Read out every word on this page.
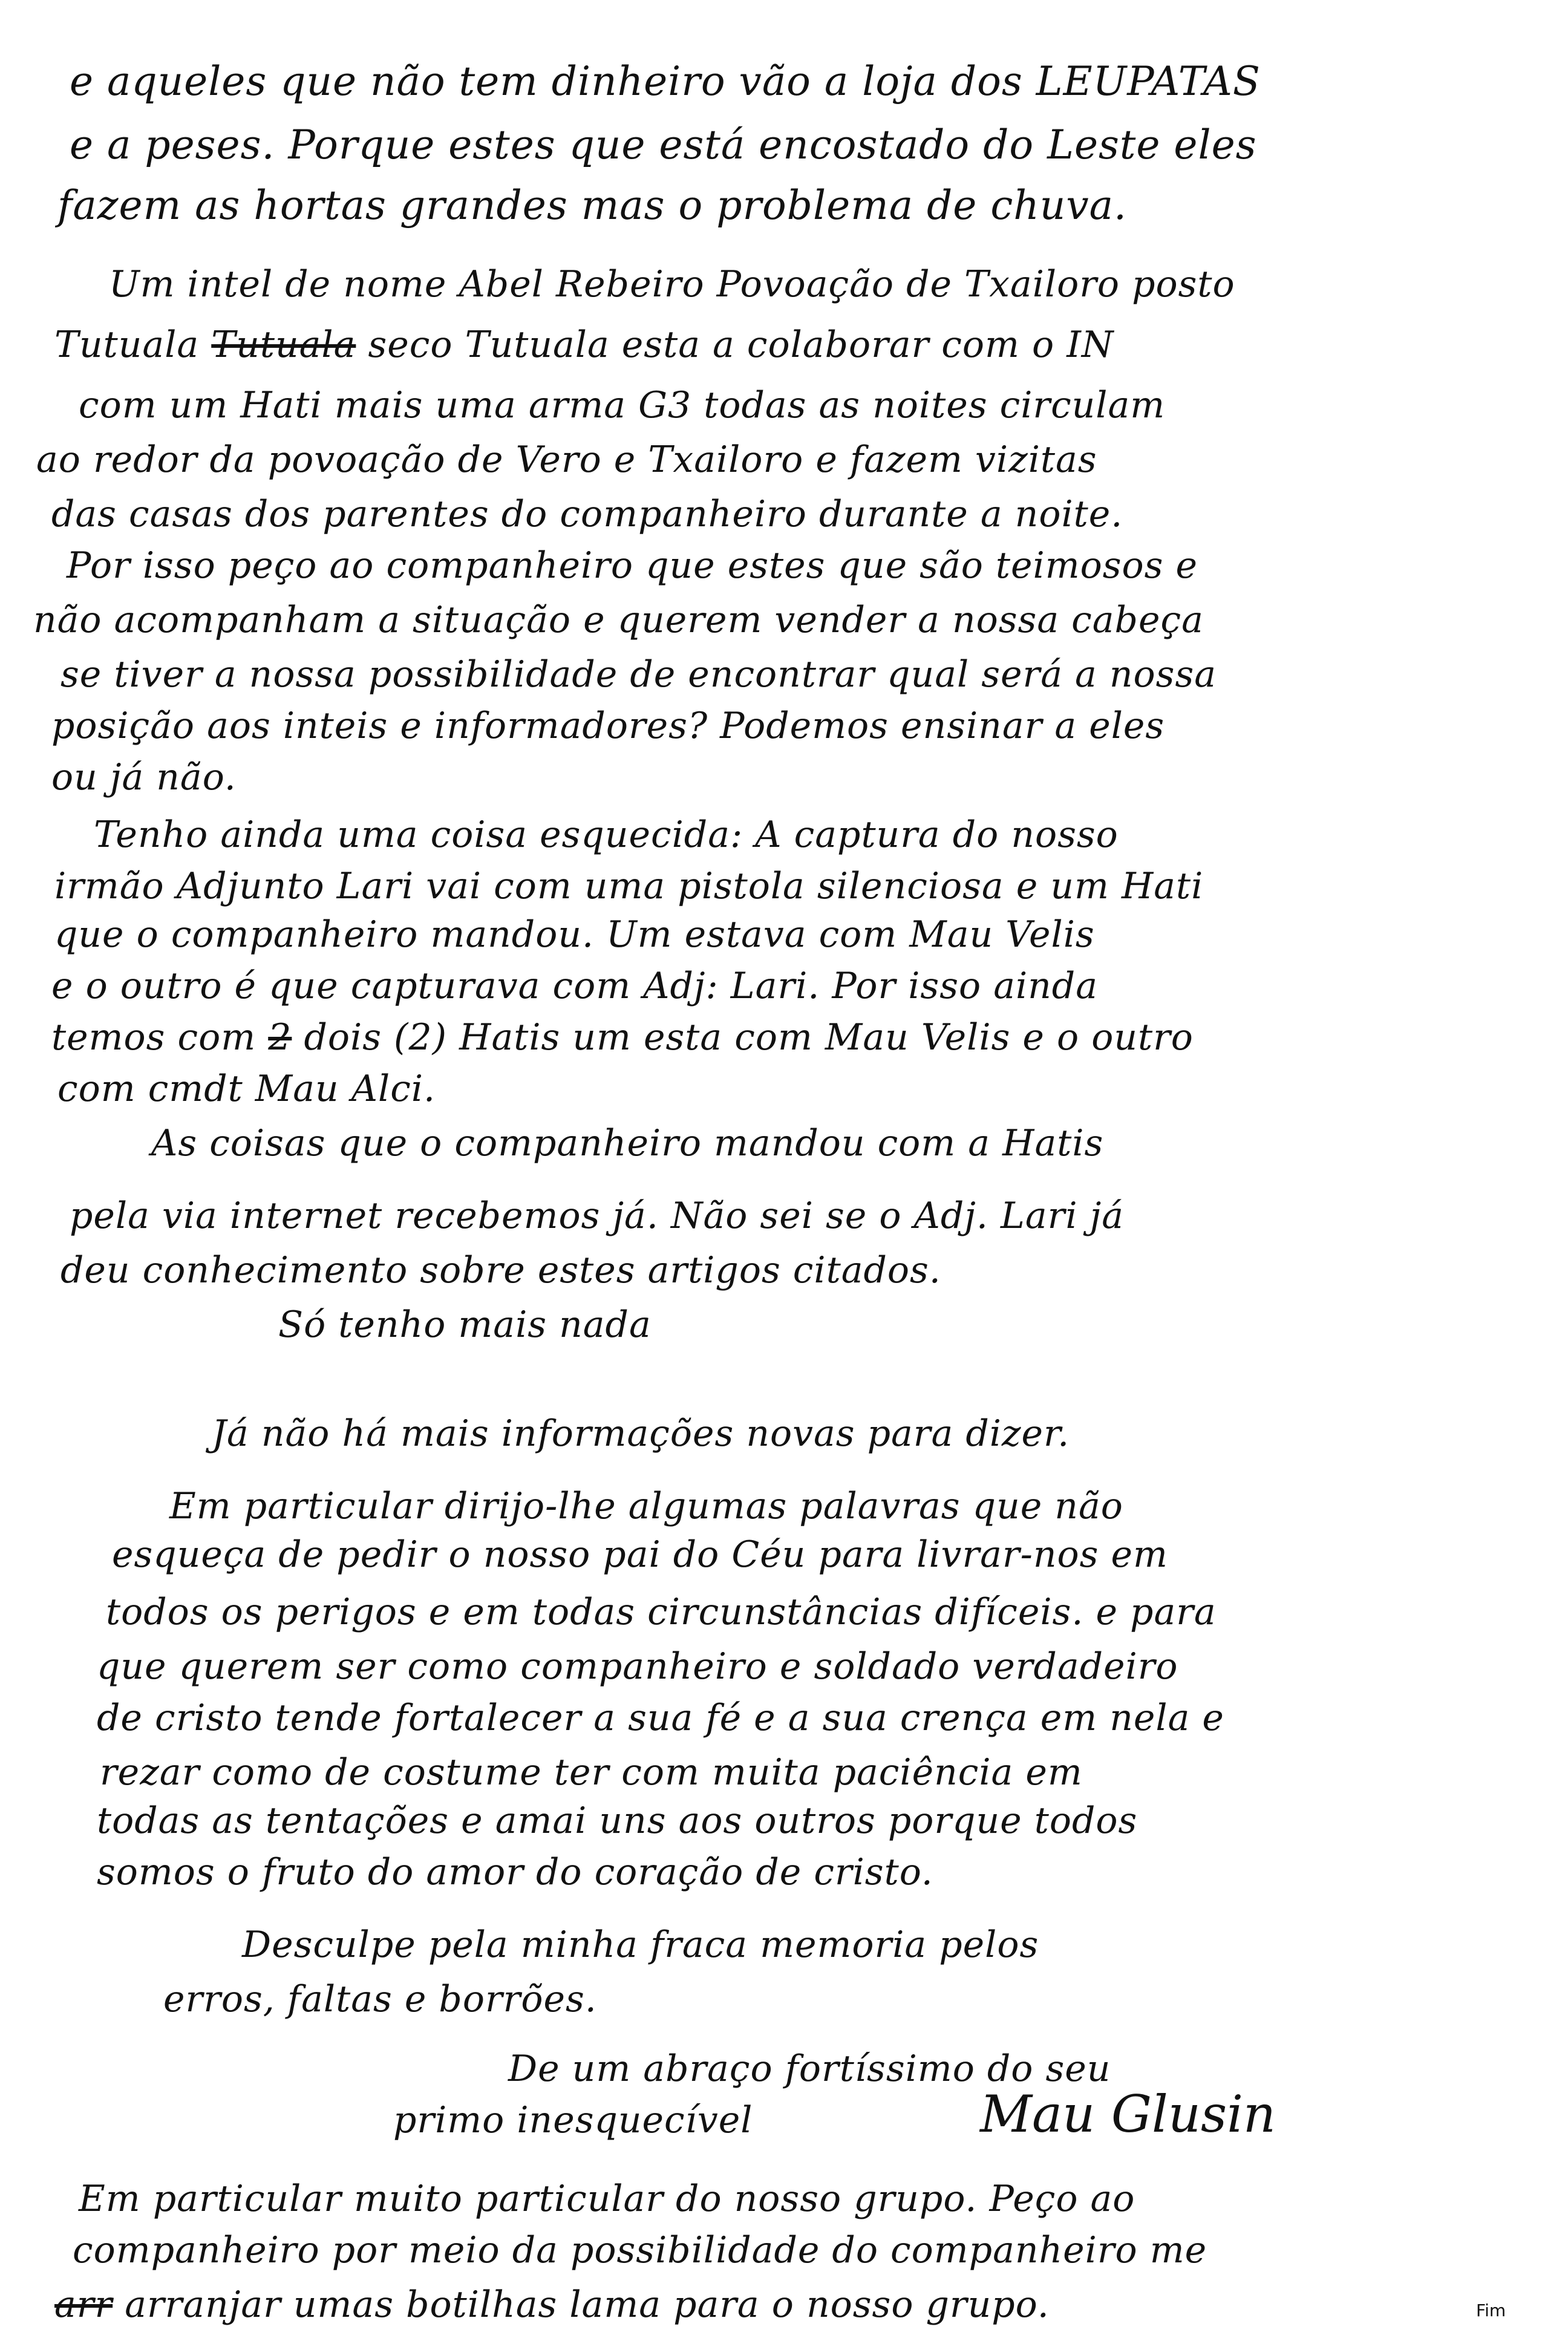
e aqueles que não tem dinheiro vão a loja dos LEUPATAS
e a peses. Porque estes que está encostado do Leste eles
fazem as hortas grandes mas o problema de chuva.
Um intel de nome Abel Rebeiro Povoação de Txailoro posto
Tutuala Tutuala seco Tutuala esta a colaborar com o IN
com um Hati mais uma arma G3 todas as noites circulam
ao redor da povoação de Vero e Txailoro e fazem vizitas
das casas dos parentes do companheiro durante a noite.
Por isso peço ao companheiro que estes que são teimosos e
não acompanham a situação e querem vender a nossa cabeça
se tiver a nossa possibilidade de encontrar qual será a nossa
posição aos inteis e informadores? Podemos ensinar a eles
ou já não.
Tenho ainda uma coisa esquecida: A captura do nosso
irmão Adjunto Lari vai com uma pistola silenciosa e um Hati
que o companheiro mandou. Um estava com Mau Velis
e o outro é que capturava com Adj: Lari. Por isso ainda
temos com 2 dois (2) Hatis um esta com Mau Velis e o outro
com cmdt Mau Alci.
As coisas que o companheiro mandou com a Hatis
pela via internet recebemos já. Não sei se o Adj. Lari já
deu conhecimento sobre estes artigos citados.
Só tenho mais nada
Já não há mais informações novas para dizer.
Em particular dirijo-lhe algumas palavras que não
esqueça de pedir o nosso pai do Céu para livrar-nos em
todos os perigos e em todas circunstâncias difíceis. e para
que querem ser como companheiro e soldado verdadeiro
de cristo tende fortalecer a sua fé e a sua crença em nela e
rezar como de costume ter com muita paciência em
todas as tentações e amai uns aos outros porque todos
somos o fruto do amor do coração de cristo.
Desculpe pela minha fraca memoria pelos
erros, faltas e borrões.
De um abraço fortíssimo do seu
primo inesquecível	Mau Glusin
Em particular muito particular do nosso grupo. Peço ao
companheiro por meio da possibilidade do companheiro me
arr arranjar umas botilhas lama para o nosso grupo.	Fim
